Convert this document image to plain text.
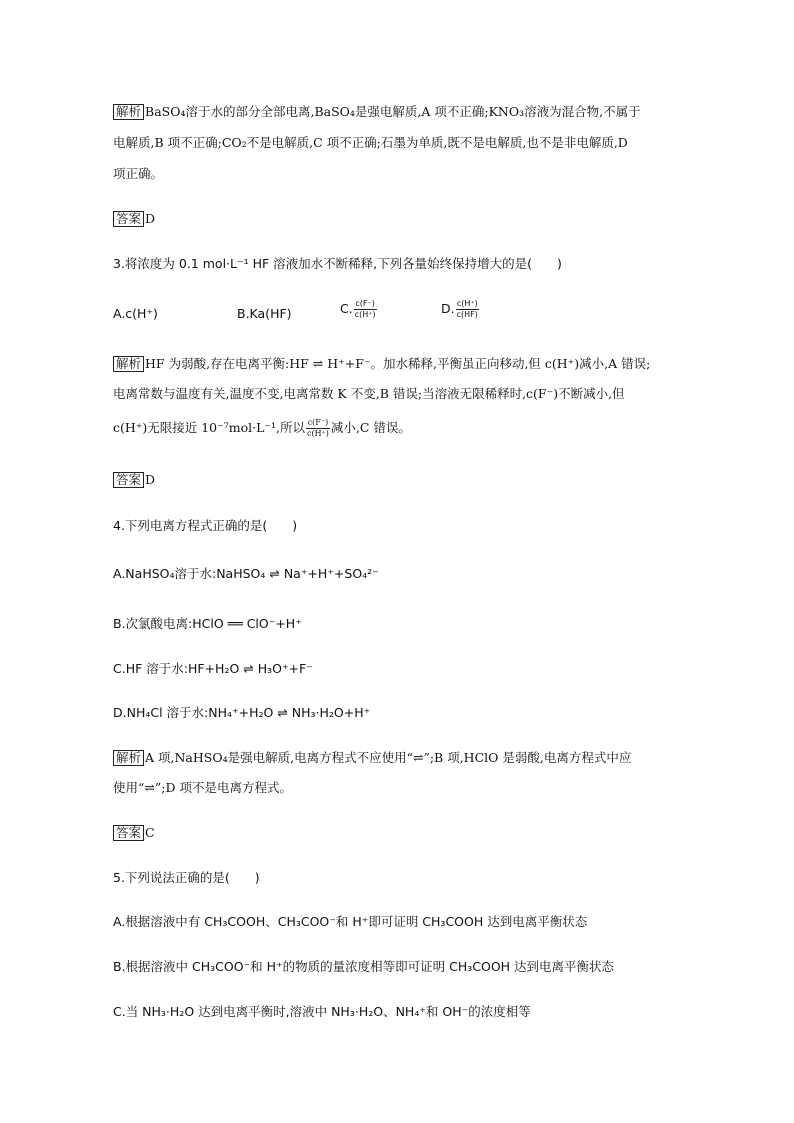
解析 BaSO₄溶于水的部分全部电离,BaSO₄是强电解质,A 项不正确;KNO₃溶液为混合物,不属于
电解质,B 项不正确;CO₂不是电解质,C 项不正确;石墨为单质,既不是电解质,也不是非电解质,D
项正确。
答案 D
3.将浓度为 0.1 mol·L⁻¹ HF 溶液加水不断稀释,下列各量始终保持增大的是(　　)
A.c(H⁺)	B.Ka(HF)	C. $\frac{c(F^-)}{c(H^+)}$	D. $\frac{c(H^+)}{c(HF)}$
解析 HF 为弱酸,存在电离平衡:HF ⇌ H⁺+F⁻。加水稀释,平衡虽正向移动,但 c(H⁺)减小,A 错误;
电离常数与温度有关,温度不变,电离常数 K 不变,B 错误;当溶液无限稀释时,c(F⁻)不断减小,但
c(H⁺)无限接近 10⁻⁷mol·L⁻¹,所以 $\frac{c(F^-)}{c(H^+)}$ 减小,C 错误。
答案 D
4.下列电离方程式正确的是(　　)
A.NaHSO₄溶于水:NaHSO₄ ⇌ Na⁺+H⁺+SO₄²⁻
B.次氯酸电离:HClO ══ ClO⁻+H⁺
C.HF 溶于水:HF+H₂O ⇌ H₃O⁺+F⁻
D.NH₄Cl 溶于水:NH₄⁺+H₂O ⇌ NH₃·H₂O+H⁺
解析 A 项,NaHSO₄是强电解质,电离方程式不应使用“⇌”;B 项,HClO 是弱酸,电离方程式中应
使用“⇌”;D 项不是电离方程式。
答案 C
5.下列说法正确的是(　　)
A.根据溶液中有 CH₃COOH、CH₃COO⁻和 H⁺即可证明 CH₃COOH 达到电离平衡状态
B.根据溶液中 CH₃COO⁻和 H⁺的物质的量浓度相等即可证明 CH₃COOH 达到电离平衡状态
C.当 NH₃·H₂O 达到电离平衡时,溶液中 NH₃·H₂O、NH₄⁺和 OH⁻的浓度相等
